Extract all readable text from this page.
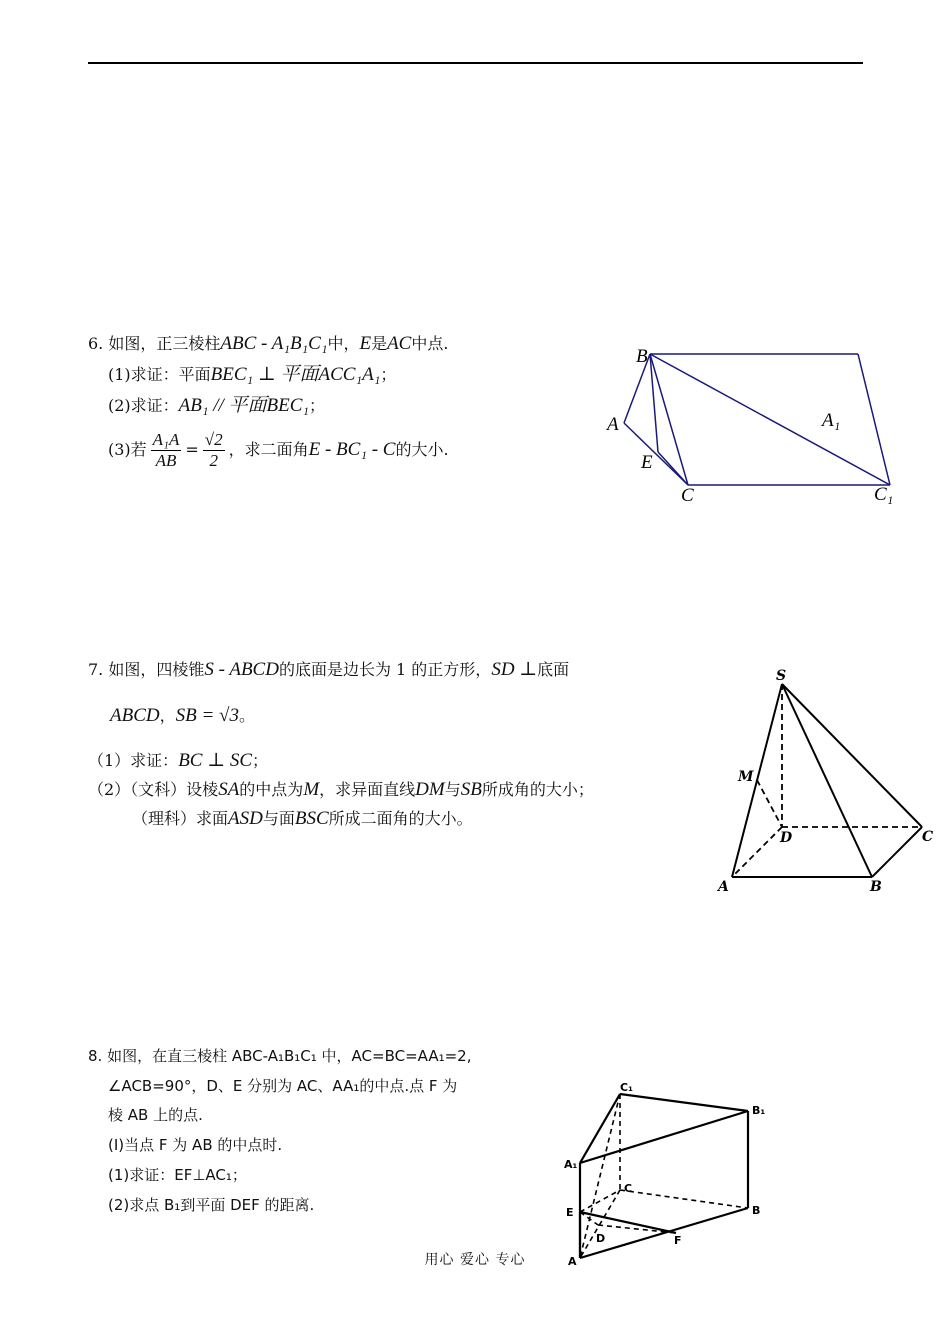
6. 如图，正三棱柱ABC - A₁B₁C₁中，E是AC中点.
(1)求证：平面BEC₁ ⊥ 平面ACC₁A₁；
(2)求证：AB₁ // 平面BEC₁；
(3)若 $\frac{\text{A₁A}}{AB} = \frac{√2}{2}$ ，求二面角E - BC₁ - C的大小.
B
A
E
C
A₁
C₁
7. 如图，四棱锥S - ABCD的底面是边长为 1 的正方形，SD ⊥底面
ABCD，SB = √3。
（1）求证：BC ⊥ SC；
（2）（文科）设棱SA的中点为M，求异面直线DM与SB所成角的大小；
（理科）求面ASD与面BSC所成二面角的大小。
S
M
D	C
A	B
8. 如图，在直三棱柱 ABC-A₁B₁C₁ 中，AC=BC=AA₁=2,
∠ACB=90°，D、E 分别为 AC、AA₁的中点.点 F 为
棱 AB 上的点.
(Ⅰ)当点 F 为 AB 的中点时.
(1)求证：EF⊥AC₁；
(2)求点 B₁到平面 DEF 的距离.
C₁
B₁
A₁
C
E	B
D	F
A
用心 爱心 专心
